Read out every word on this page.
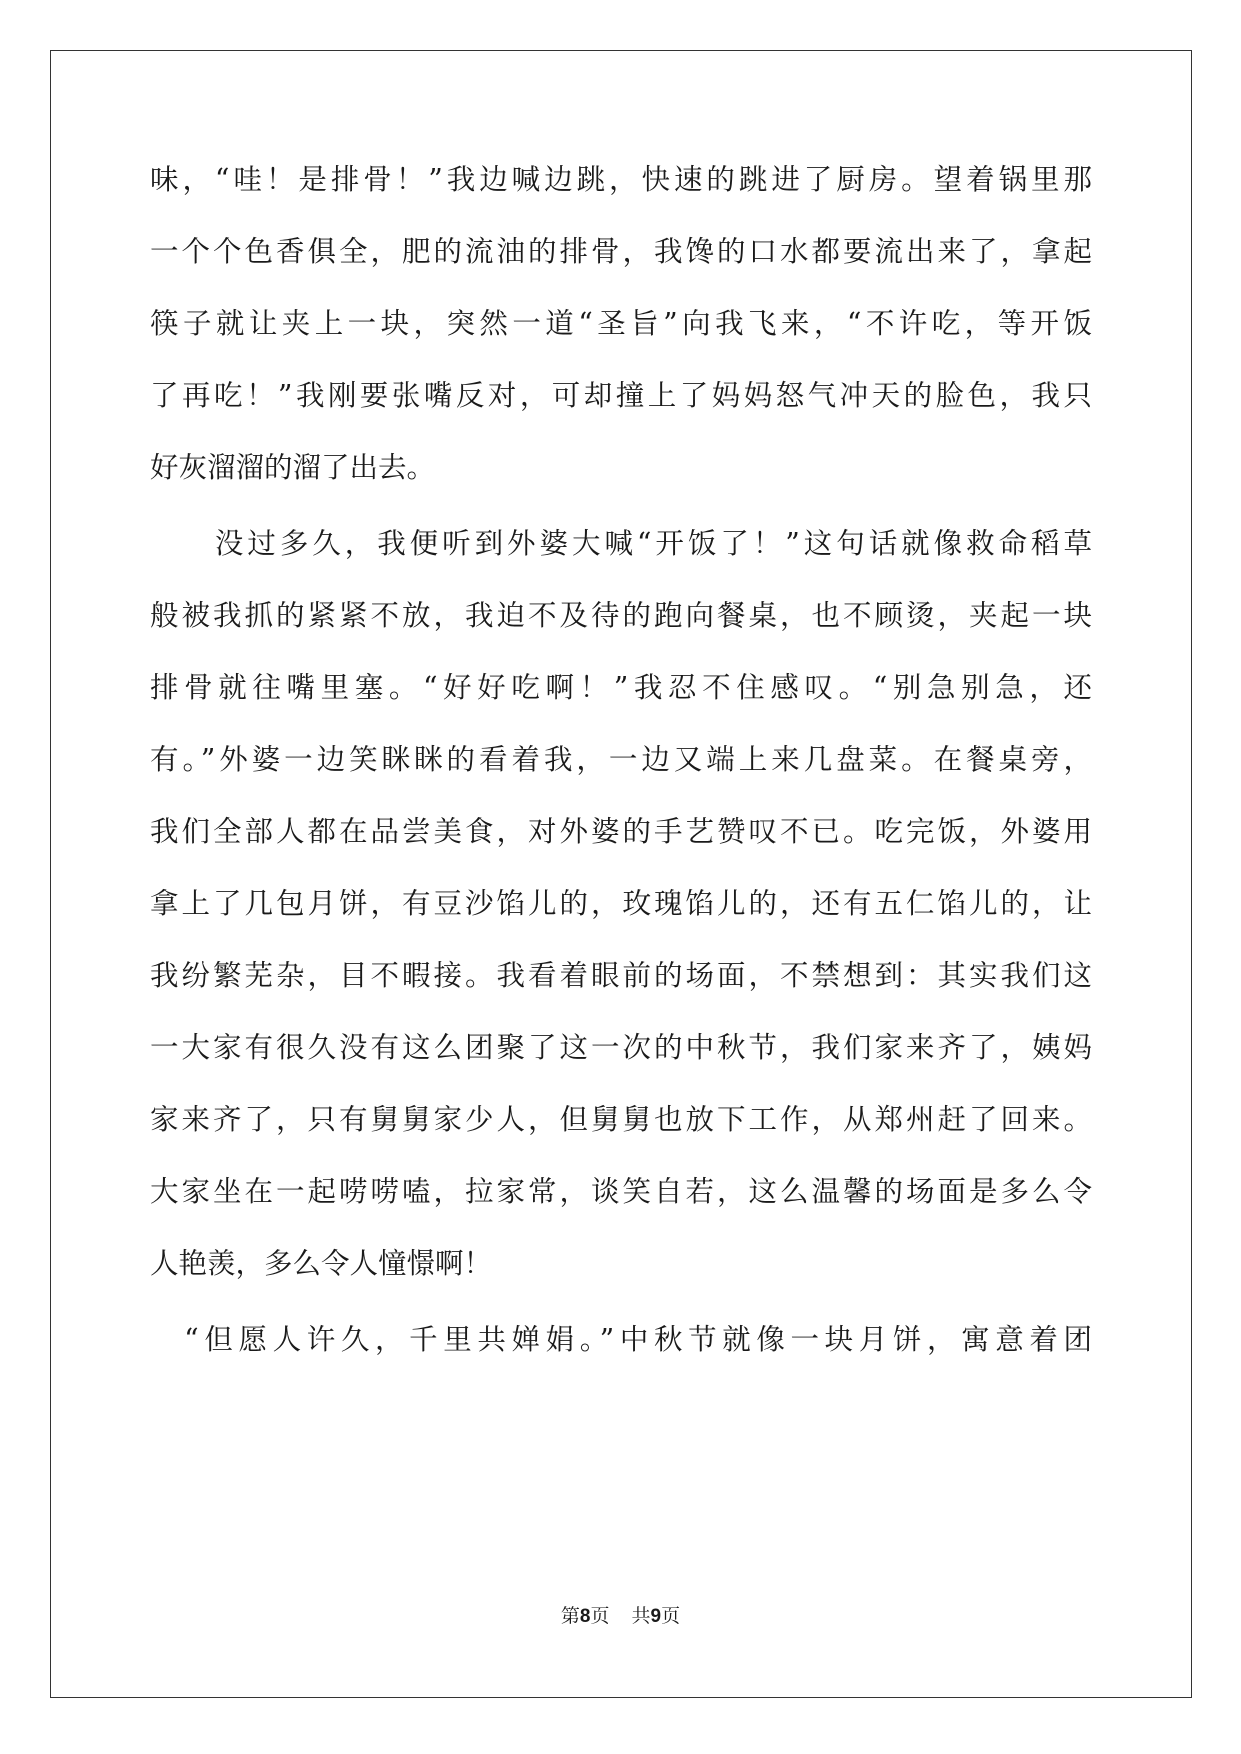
味，“哇！是排骨！”我边喊边跳，快速的跳进了厨房。望着锅里那
一个个色香俱全，肥的流油的排骨，我馋的口水都要流出来了，拿起
筷子就让夹上一块，突然一道“圣旨”向我飞来，“不许吃，等开饭
了再吃！”我刚要张嘴反对，可却撞上了妈妈怒气冲天的脸色，我只
好灰溜溜的溜了出去。
　　没过多久，我便听到外婆大喊“开饭了！”这句话就像救命稻草
般被我抓的紧紧不放，我迫不及待的跑向餐桌，也不顾烫，夹起一块
排骨就往嘴里塞。“好好吃啊！”我忍不住感叹。“别急别急，还
有。”外婆一边笑眯眯的看着我，一边又端上来几盘菜。在餐桌旁，
我们全部人都在品尝美食，对外婆的手艺赞叹不已。吃完饭，外婆用
拿上了几包月饼，有豆沙馅儿的，玫瑰馅儿的，还有五仁馅儿的，让
我纷繁芜杂，目不暇接。我看着眼前的场面，不禁想到：其实我们这
一大家有很久没有这么团聚了这一次的中秋节，我们家来齐了，姨妈
家来齐了，只有舅舅家少人，但舅舅也放下工作，从郑州赶了回来。
大家坐在一起唠唠嗑，拉家常，谈笑自若，这么温馨的场面是多么令
人艳羡，多么令人憧憬啊！
　“但愿人许久，千里共婵娟。”中秋节就像一块月饼，寓意着团
第8页 共9页
